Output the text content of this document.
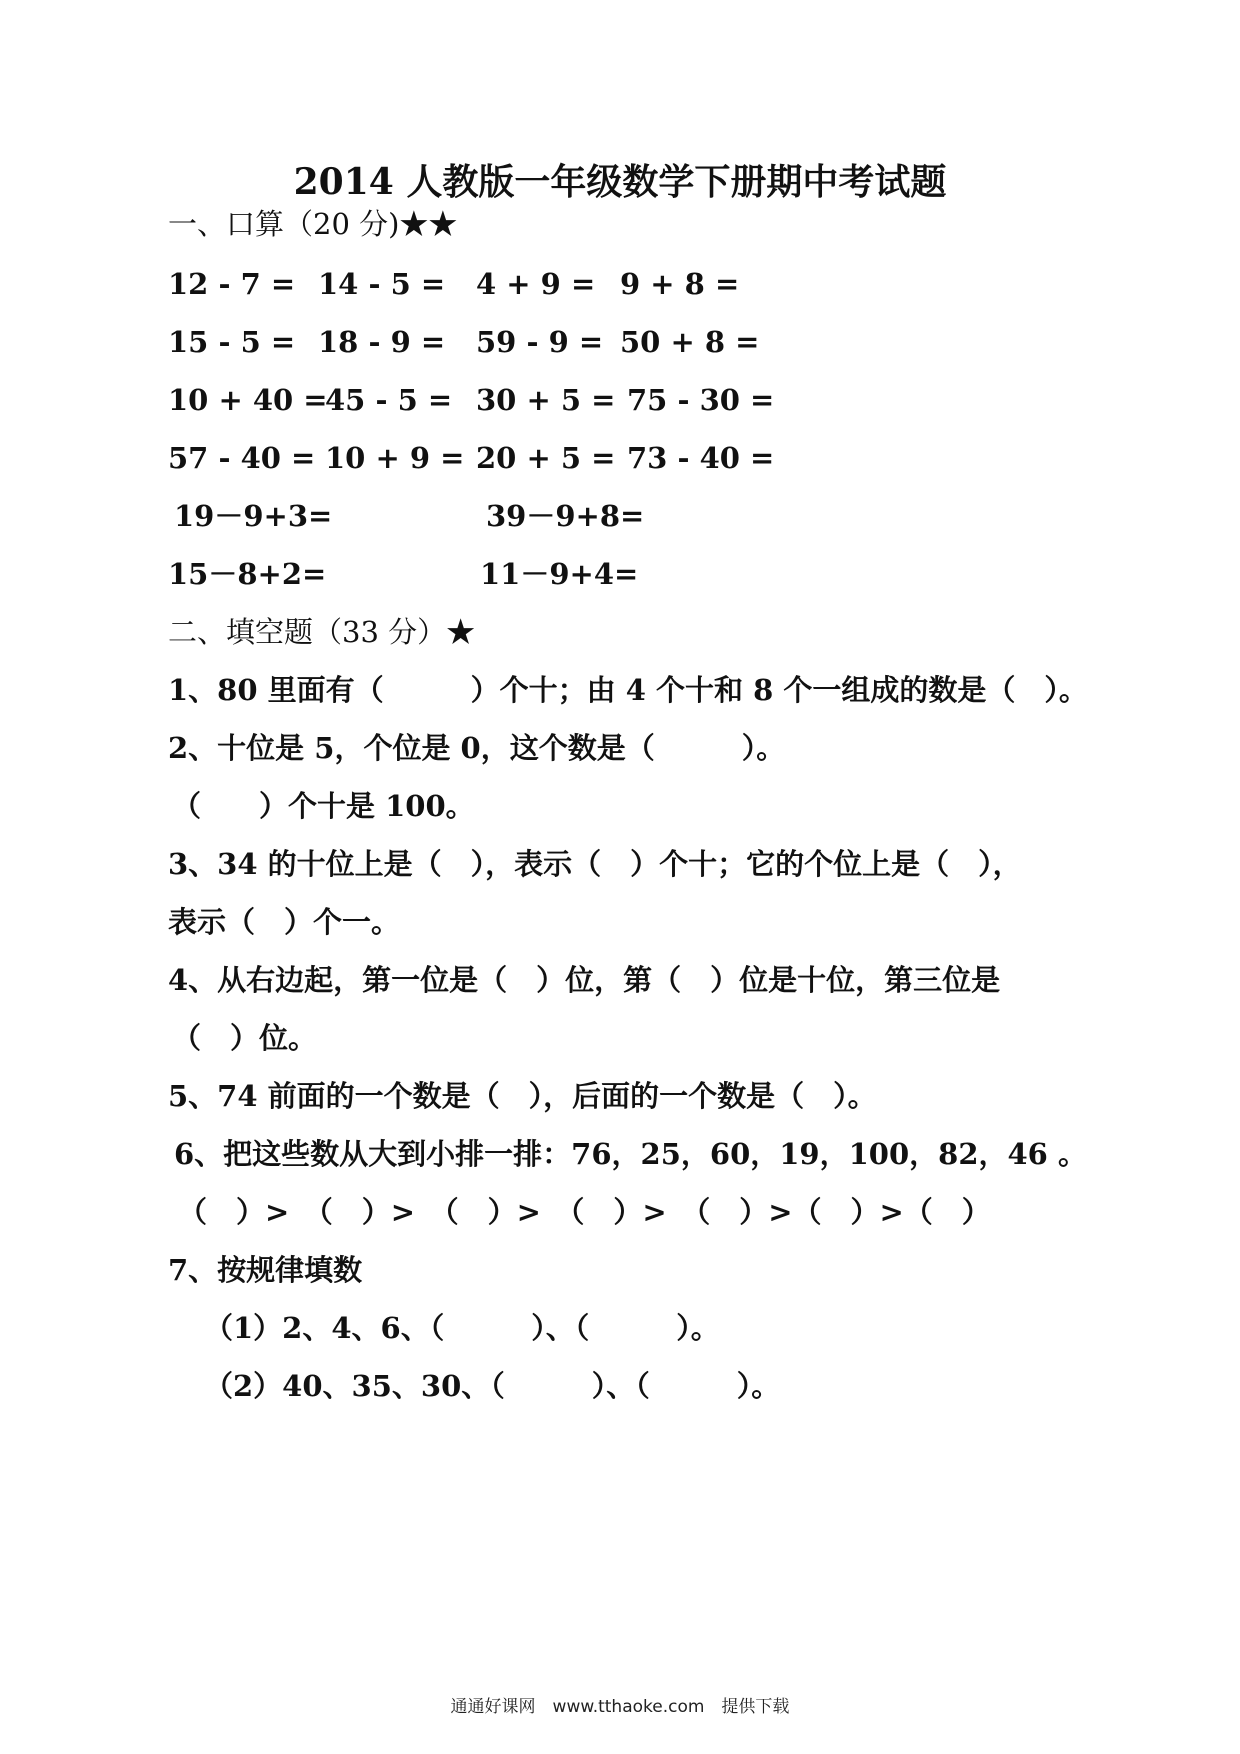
2014 人教版一年级数学下册期中考试题
一、口算（20 分)★★
12 - 7 = 14 - 5 = 4 + 9 = 9 + 8 =
15 - 5 = 18 - 9 = 59 - 9 = 50 + 8 =
10 + 40 =
45 - 5 = 30 + 5 = 75 - 30 =
57 - 40 = 10 + 9 = 20 + 5 = 73 - 40 =
19－9+3=	39－9+8=
15－8+2=	11－9+4=
二、填空题（33 分）★
1、80 里面有（　　　）个十；由 4 个十和 8 个一组成的数是（　）。
2、十位是 5，个位是 0，这个数是（　　　）。
（　　）个十是 100。
3、34 的十位上是（　），表示（　）个十；它的个位上是（　），
表示（　）个一。
4、从右边起，第一位是（　）位，第（　）位是十位，第三位是
（　）位。
5、74 前面的一个数是（　），后面的一个数是（　）。
6、把这些数从大到小排一排：76，25，60，19，100，82，46 。
（　）>　（　）>　（　）>　（　）>　（　）>（　）>（　）
7、按规律填数
（1）2、4、6、（　　　）、（　　　）。
（2）40、35、30、（　　　）、（　　　）。
通通好课网　www.tthaoke.com　提供下载
